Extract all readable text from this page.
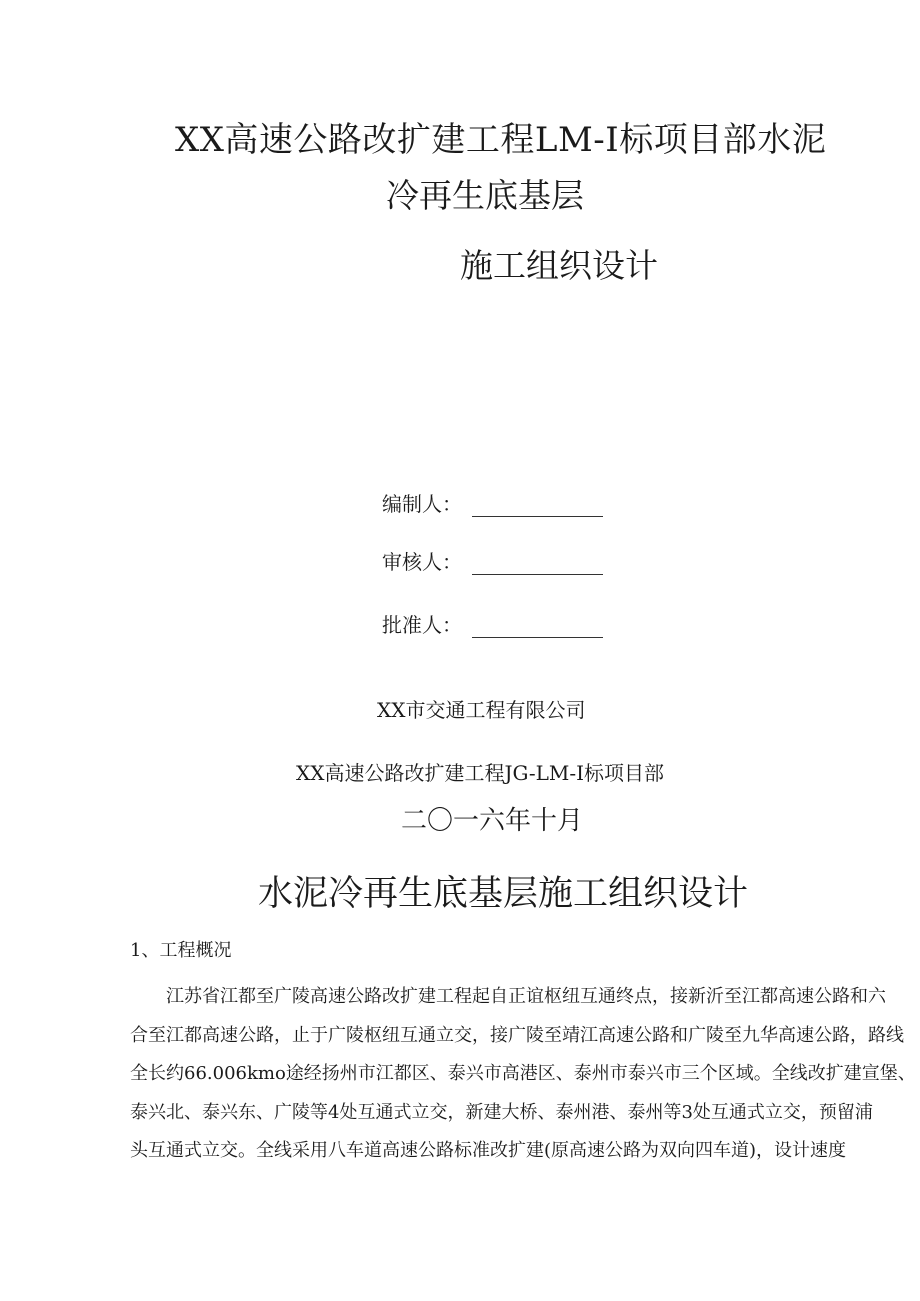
XX高速公路改扩建工程LM-I标项目部水泥
冷再生底基层
施工组织设计
编制人：
审核人：
批准人：
XX市交通工程有限公司
XX高速公路改扩建工程JG-LM-I标项目部
二〇一六年十月
水泥冷再生底基层施工组织设计
1、工程概况
江苏省江都至广陵高速公路改扩建工程起自正谊枢纽互通终点，接新沂至江都高速公路和六
合至江都高速公路，止于广陵枢纽互通立交，接广陵至靖江高速公路和广陵至九华高速公路，路线
全长约66.006kmo途经扬州市江都区、泰兴市高港区、泰州市泰兴市三个区域。全线改扩建宣堡、
泰兴北、泰兴东、广陵等4处互通式立交，新建大桥、泰州港、泰州等3处互通式立交，预留浦
头互通式立交。全线采用八车道高速公路标准改扩建(原高速公路为双向四车道)，设计速度
